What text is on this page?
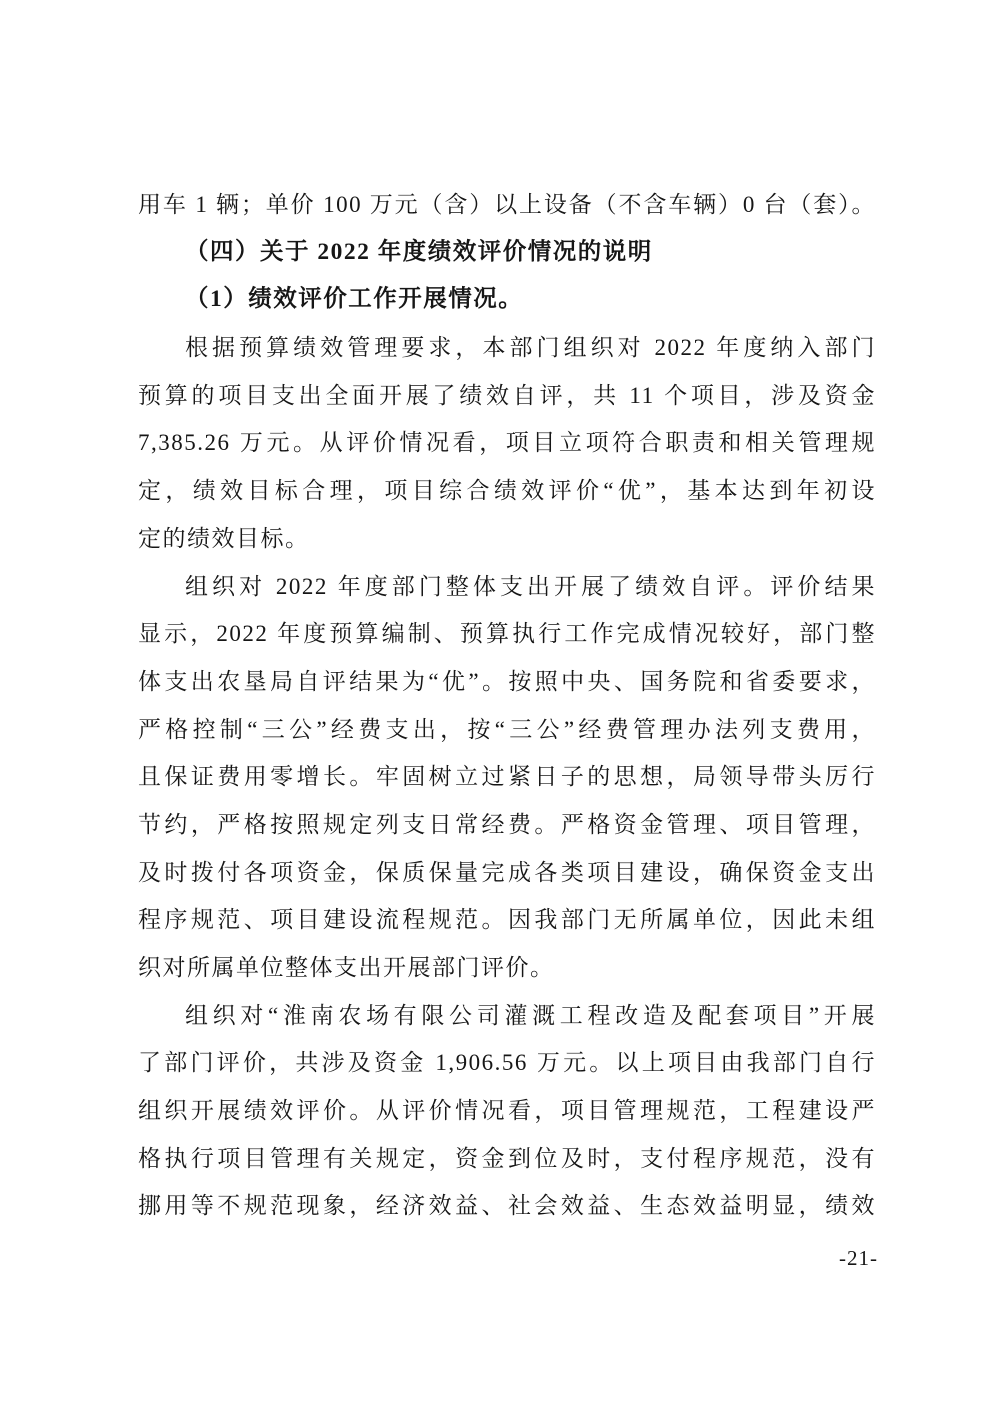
用车 1 辆；单价 100 万元（含）以上设备（不含车辆）0 台（套）。
（四）关于 2022 年度绩效评价情况的说明
（1）绩效评价工作开展情况。
根据预算绩效管理要求，本部门组织对 2022 年度纳入部门
预算的项目支出全面开展了绩效自评，共 11 个项目，涉及资金
7,385.26 万元。从评价情况看，项目立项符合职责和相关管理规
定，绩效目标合理，项目综合绩效评价“优”，基本达到年初设
定的绩效目标。
组织对 2022 年度部门整体支出开展了绩效自评。评价结果
显示，2022 年度预算编制、预算执行工作完成情况较好，部门整
体支出农垦局自评结果为“优”。按照中央、国务院和省委要求，
严格控制“三公”经费支出，按“三公”经费管理办法列支费用，
且保证费用零增长。牢固树立过紧日子的思想，局领导带头厉行
节约，严格按照规定列支日常经费。严格资金管理、项目管理，
及时拨付各项资金，保质保量完成各类项目建设，确保资金支出
程序规范、项目建设流程规范。因我部门无所属单位，因此未组
织对所属单位整体支出开展部门评价。
组织对“淮南农场有限公司灌溉工程改造及配套项目”开展
了部门评价，共涉及资金 1,906.56 万元。以上项目由我部门自行
组织开展绩效评价。从评价情况看，项目管理规范，工程建设严
格执行项目管理有关规定，资金到位及时，支付程序规范，没有
挪用等不规范现象，经济效益、社会效益、生态效益明显，绩效
-21-
